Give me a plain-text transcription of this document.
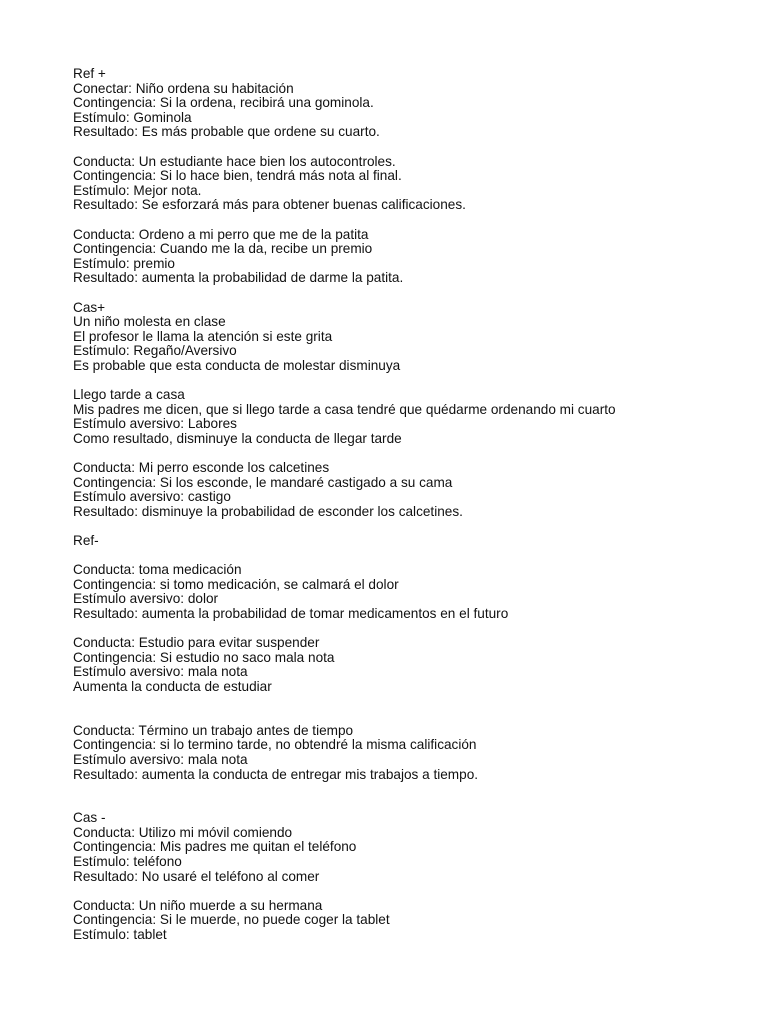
Ref +
Conectar: Niño ordena su habitación
Contingencia: Si la ordena, recibirá una gominola.
Estímulo: Gominola
Resultado: Es más probable que ordene su cuarto.
Conducta: Un estudiante hace bien los autocontroles.
Contingencia: Si lo hace bien, tendrá más nota al final.
Estímulo: Mejor nota.
Resultado: Se esforzará más para obtener buenas calificaciones.
Conducta: Ordeno a mi perro que me de la patita
Contingencia: Cuando me la da, recibe un premio
Estímulo: premio
Resultado: aumenta la probabilidad de darme la patita.
Cas+
Un niño molesta en clase
El profesor le llama la atención si este grita
Estímulo: Regaño/Aversivo
Es probable que esta conducta de molestar disminuya
Llego tarde a casa
Mis padres me dicen, que si llego tarde a casa tendré que quédarme ordenando mi cuarto
Estímulo aversivo: Labores
Como resultado, disminuye la conducta de llegar tarde
Conducta: Mi perro esconde los calcetines
Contingencia: Si los esconde, le mandaré castigado a su cama
Estímulo aversivo: castigo
Resultado: disminuye la probabilidad de esconder los calcetines.
Ref-
Conducta: toma medicación
Contingencia: si tomo medicación, se calmará el dolor
Estímulo aversivo: dolor
Resultado: aumenta la probabilidad de tomar medicamentos en el futuro
Conducta: Estudio para evitar suspender
Contingencia: Si estudio no saco mala nota
Estímulo aversivo: mala nota
Aumenta la conducta de estudiar
Conducta: Término un trabajo antes de tiempo
Contingencia: si lo termino tarde, no obtendré la misma calificación
Estímulo aversivo: mala nota
Resultado: aumenta la conducta de entregar mis trabajos a tiempo.
Cas -
Conducta: Utilizo mi móvil comiendo
Contingencia: Mis padres me quitan el teléfono
Estímulo: teléfono
Resultado: No usaré el teléfono al comer
Conducta: Un niño muerde a su hermana
Contingencia: Si le muerde, no puede coger la tablet
Estímulo: tablet
